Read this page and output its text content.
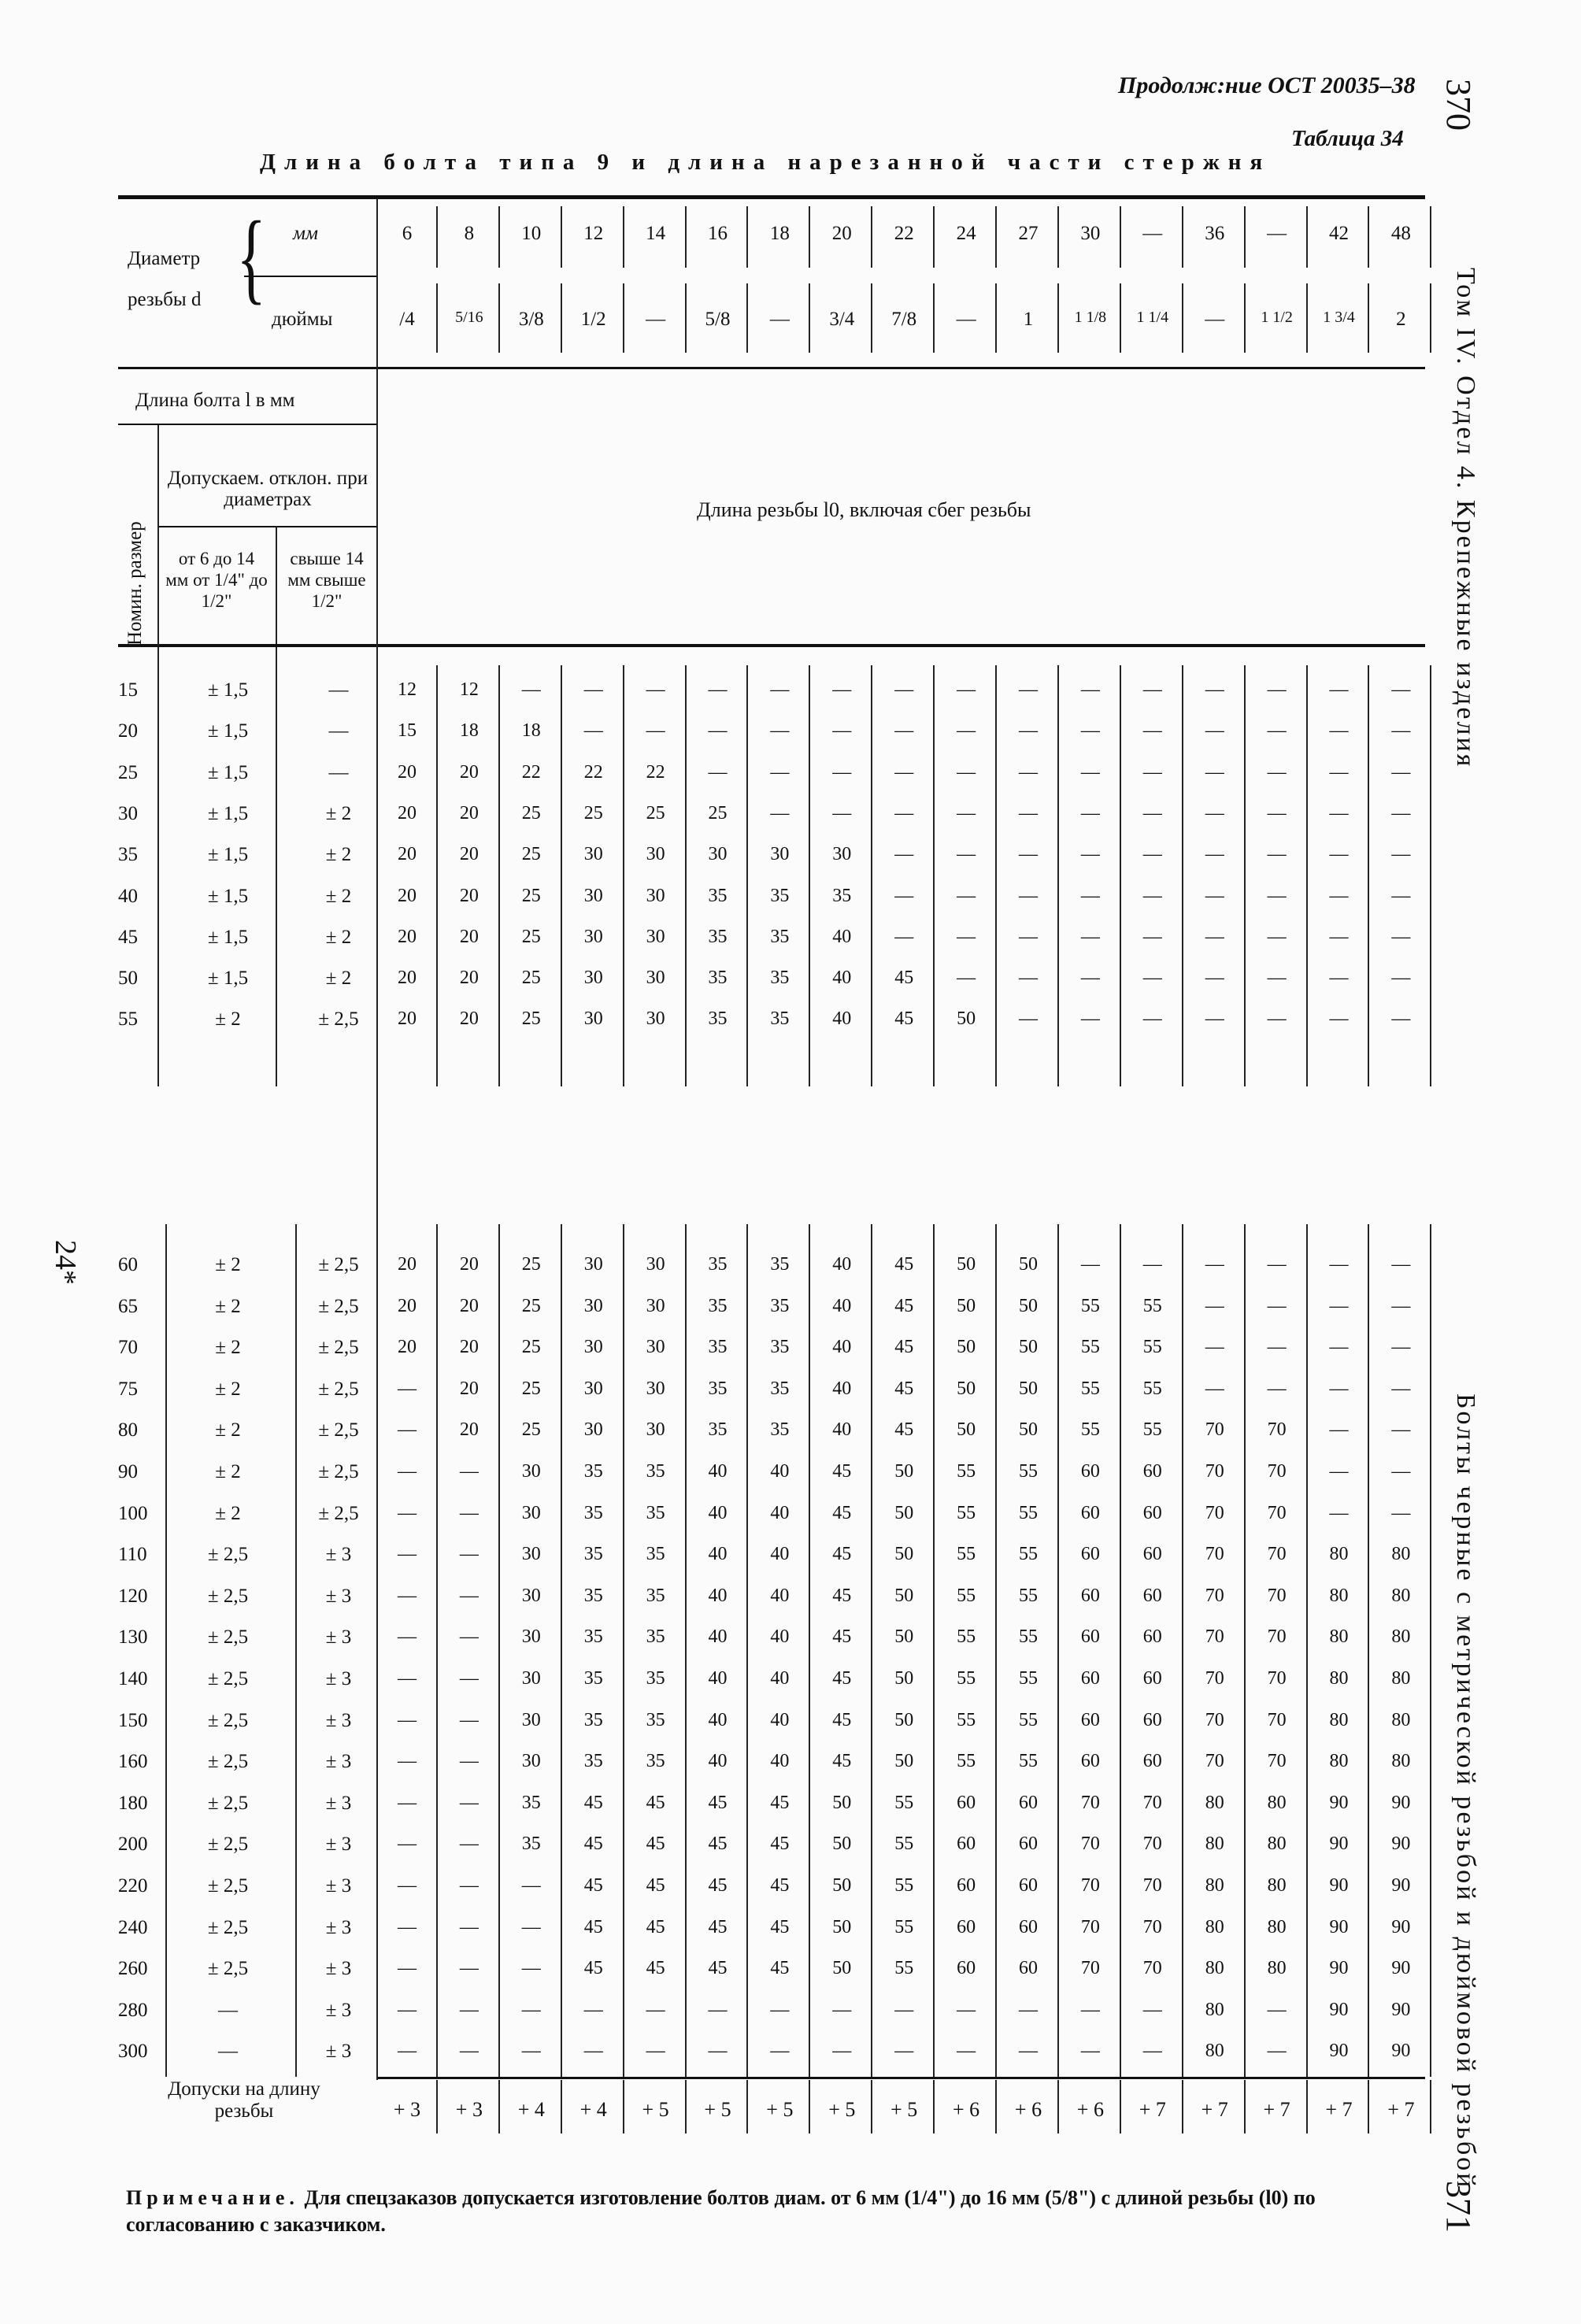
Продолж:ние ОСТ 20035–38 370
Таблица 34
Длина болта типа 9 и длина нарезанной части стержня
Том IV. Отдел 4. Крепежные изделия
Болты черные с метрической резьбой и дюймовой резьбой
371
24*
Диаметр
резьбы d { мм
дюймы
6	8	10	12	14	16	18	20	22	24	27	30	—	36	—	42	48
/4	5/16	3/8	1/2	—	5/8	—	3/4	7/8	—	1	1 1/8	1 1/4	—	1 1/2	1 3/4	2
Длина болта l в мм
Номин. размер
Допускаем. отклон. при диаметрах
от 6 до 14 мм от 1/4" до 1/2"
свыше 14 мм свыше 1/2"
Длина резьбы l0, включая сбег резьбы
15	± 1,5	—	12	12	—	—	—	—	—	—	—	—	—	—	—	—	—	—	—
20	± 1,5	—	15	18	18	—	—	—	—	—	—	—	—	—	—	—	—	—	—
25	± 1,5	—	20	20	22	22	22	—	—	—	—	—	—	—	—	—	—	—	—
30	± 1,5	± 2	20	20	25	25	25	25	—	—	—	—	—	—	—	—	—	—	—
35	± 1,5	± 2	20	20	25	30	30	30	30	30	—	—	—	—	—	—	—	—	—
40	± 1,5	± 2	20	20	25	30	30	35	35	35	—	—	—	—	—	—	—	—	—
45	± 1,5	± 2	20	20	25	30	30	35	35	40	—	—	—	—	—	—	—	—	—
50	± 1,5	± 2	20	20	25	30	30	35	35	40	45	—	—	—	—	—	—	—	—
55	± 2	± 2,5	20	20	25	30	30	35	35	40	45	50	—	—	—	—	—	—	—
60	± 2	± 2,5	20	20	25	30	30	35	35	40	45	50	50	—	—	—	—	—	—
65	± 2	± 2,5	20	20	25	30	30	35	35	40	45	50	50	55	55	—	—	—	—
70	± 2	± 2,5	20	20	25	30	30	35	35	40	45	50	50	55	55	—	—	—	—
75	± 2	± 2,5	—	20	25	30	30	35	35	40	45	50	50	55	55	—	—	—	—
80	± 2	± 2,5	—	20	25	30	30	35	35	40	45	50	50	55	55	70	70	—	—
90	± 2	± 2,5	—	—	30	35	35	40	40	45	50	55	55	60	60	70	70	—	—
100	± 2	± 2,5	—	—	30	35	35	40	40	45	50	55	55	60	60	70	70	—	—
110	± 2,5	± 3	—	—	30	35	35	40	40	45	50	55	55	60	60	70	70	80	80
120	± 2,5	± 3	—	—	30	35	35	40	40	45	50	55	55	60	60	70	70	80	80
130	± 2,5	± 3	—	—	30	35	35	40	40	45	50	55	55	60	60	70	70	80	80
140	± 2,5	± 3	—	—	30	35	35	40	40	45	50	55	55	60	60	70	70	80	80
150	± 2,5	± 3	—	—	30	35	35	40	40	45	50	55	55	60	60	70	70	80	80
160	± 2,5	± 3	—	—	30	35	35	40	40	45	50	55	55	60	60	70	70	80	80
180	± 2,5	± 3	—	—	35	45	45	45	45	50	55	60	60	70	70	80	80	90	90
200	± 2,5	± 3	—	—	35	45	45	45	45	50	55	60	60	70	70	80	80	90	90
220	± 2,5	± 3	—	—	—	45	45	45	45	50	55	60	60	70	70	80	80	90	90
240	± 2,5	± 3	—	—	—	45	45	45	45	50	55	60	60	70	70	80	80	90	90
260	± 2,5	± 3	—	—	—	45	45	45	45	50	55	60	60	70	70	80	80	90	90
280	—	± 3	—	—	—	—	—	—	—	—	—	—	—	—	—	80	—	90	90
300	—	± 3	—	—	—	—	—	—	—	—	—	—	—	—	—	80	—	90	90
+ 3	+ 3	+ 4	+ 4	+ 5	+ 5	+ 5	+ 5	+ 5	+ 6	+ 6	+ 6	+ 7	+ 7	+ 7	+ 7	+ 7
Допуски на длину резьбы
Примечание. Для спецзаказов допускается изготовление болтов диам. от 6 мм (1/4") до 16 мм (5/8") с длиной резьбы (l0) по согласованию с заказчиком.
